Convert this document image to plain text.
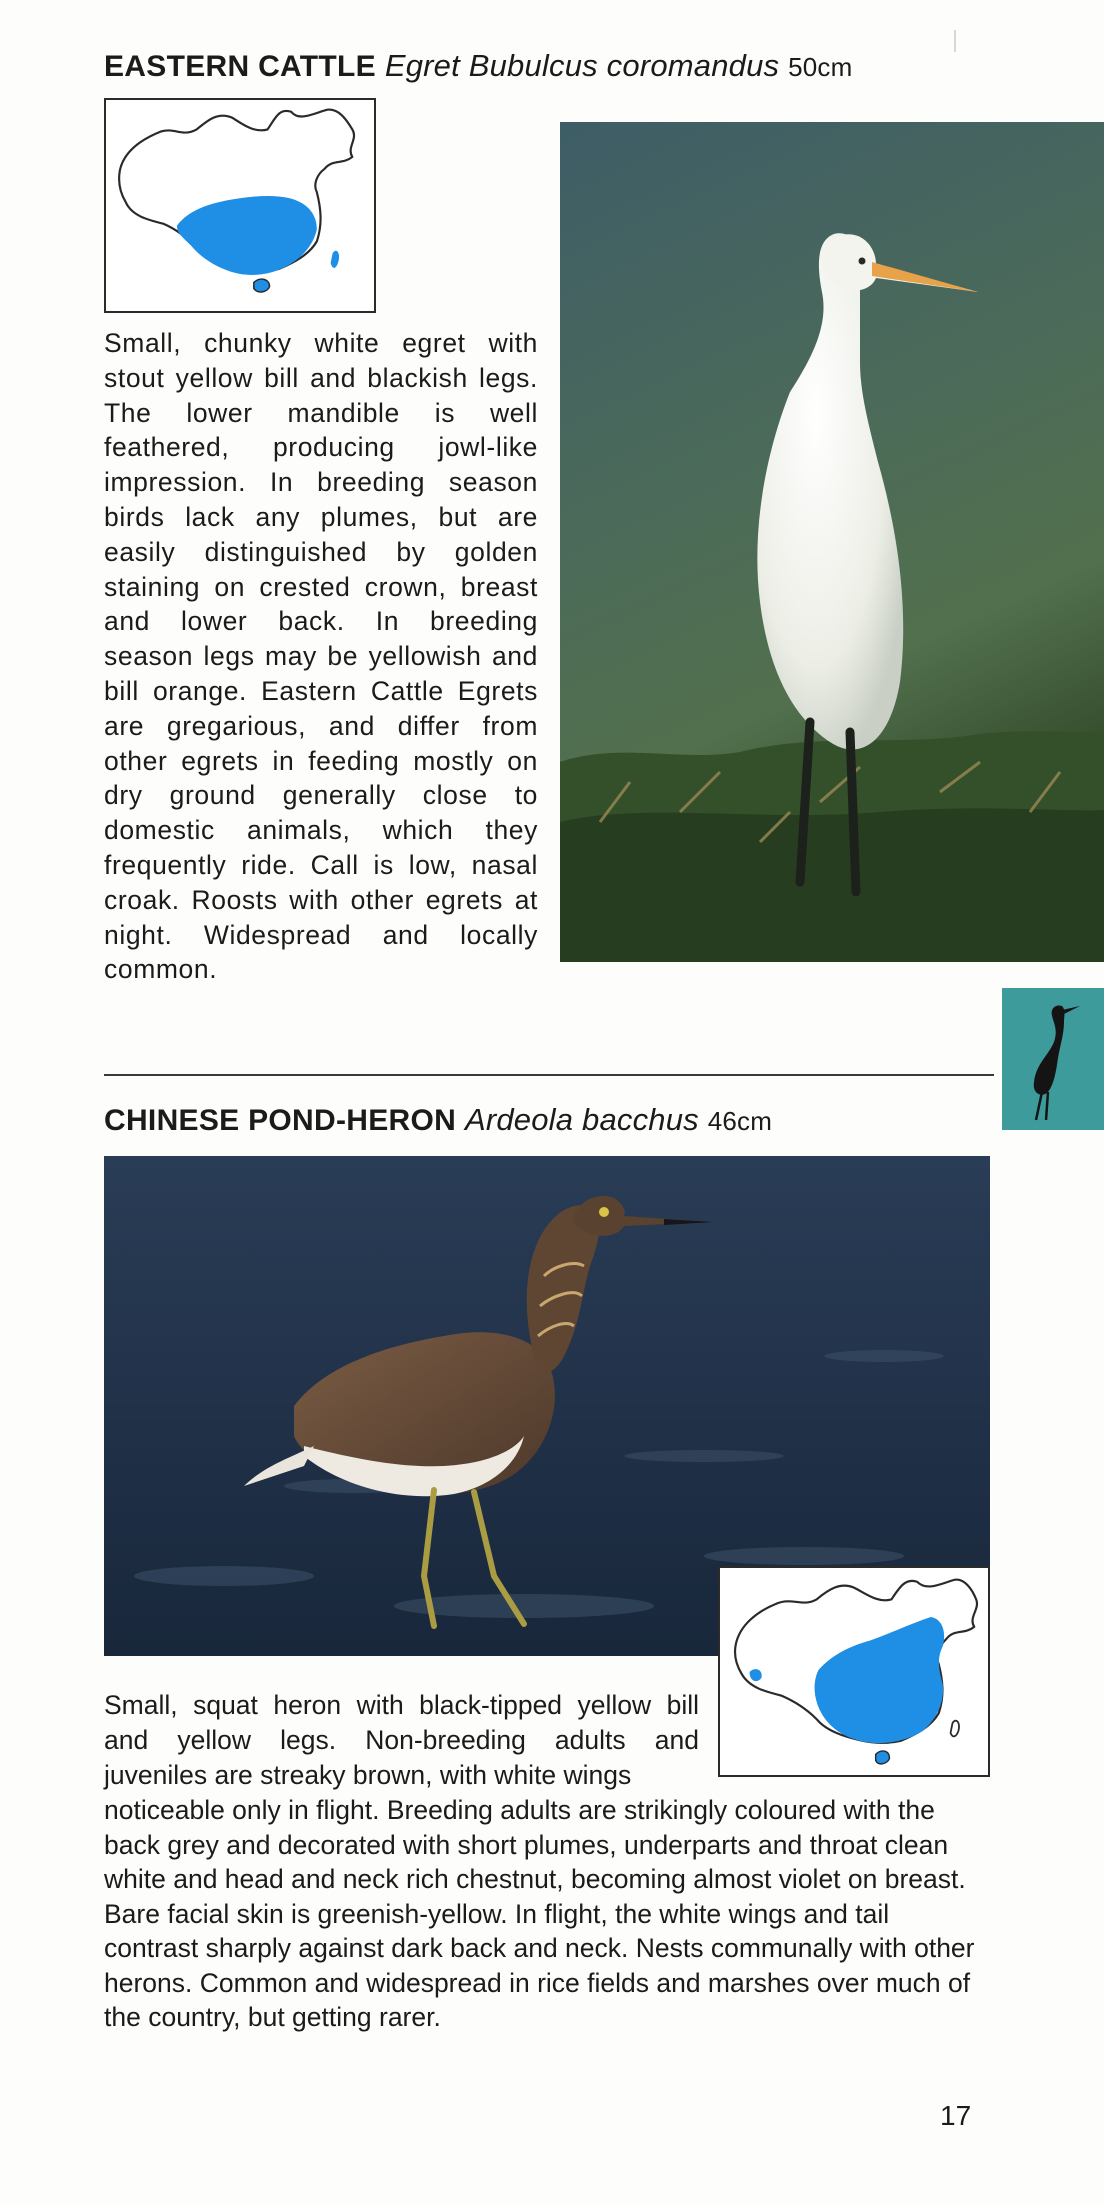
EASTERN CATTLE Egret Bubulcus coromandus 50cm

Small, chunky white egret with stout yellow bill and blackish legs. The lower mandible is well feathered, producing jowl-like impression. In breeding season birds lack any plumes, but are easily distinguished by golden staining on crested crown, breast and lower back. In breeding season legs may be yellowish and bill orange. Eastern Cattle Egrets are gregarious, and differ from other egrets in feeding mostly on dry ground generally close to domestic animals, which they frequently ride. Call is low, nasal croak. Roosts with other egrets at night. Widespread and locally common.

CHINESE POND-HERON Ardeola bacchus 46cm

Small, squat heron with black-tipped yellow bill and yellow legs. Non-breeding adults and juveniles are streaky brown, with white wings

noticeable only in flight. Breeding adults are strikingly coloured with the back grey and decorated with short plumes, underparts and throat clean white and head and neck rich chestnut, becoming almost violet on breast. Bare facial skin is greenish-yellow. In flight, the white wings and tail contrast sharply against dark back and neck. Nests communally with other herons. Common and widespread in rice fields and marshes over much of the country, but getting rarer.

17
